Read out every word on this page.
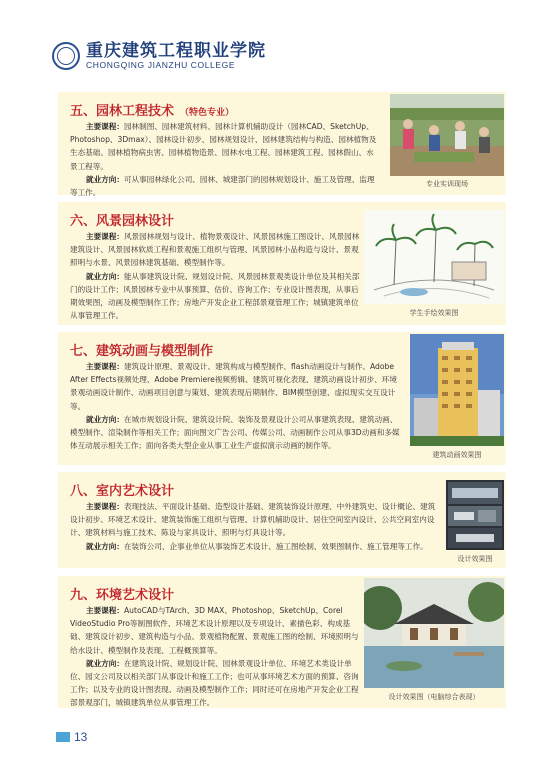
重庆建筑工程职业学院
CHONGQING JIANZHU COLLEGE
五、园林工程技术 （特色专业）

主要课程：园林制图、园林建筑材料、园林计算机辅助设计（园林CAD、SketchUp、Photoshop、3Dmax）、园林设计初步、园林规划设计、园林建筑结构与构造、园林植物及生态基础、园林植物病虫害、园林植物造景、园林水电工程、园林建筑工程、园林假山、水景工程等。

就业方向：可从事园林绿化公司、园林、城建部门的园林规划设计、施工及管理、监理等工作。

专业实训现场
六、风景园林设计

主要课程：风景园林规划与设计、植物景观设计、风景园林施工图设计、风景园林建筑设计、风景园林软质工程和景观施工组织与管理、风景园林小品构造与设计、景观照明与水景、风景园林建筑基础、模型制作等。

就业方向：能从事建筑设计院、规划设计院、风景园林景观类设计单位及其相关部门的设计工作；风景园林专业中从事预算、估价、咨询工作；专业设计图表现，从事后期效果图，动画及模型制作工作；房地产开发企业工程部景观管理工作；城镇建筑单位从事管理工作。	学生手绘效果图
七、建筑动画与模型制作

主要课程：建筑设计原理、景观设计、建筑构成与模型制作、flash动画设计与制作、Adobe After Effects视频处理、Adobe Premiere视频剪辑、建筑可视化表现、建筑动画设计初步、环境景观动画设计制作、动画项目创意与策划、建筑表现后期制作、BIM模型创建、虚拟现实交互设计等。

就业方向：在城市规划设计院、建筑设计院、装饰及景观设计公司从事建筑表现、建筑动画、模型制作、渲染制作等相关工作；面向图文广告公司、传媒公司、动画制作公司从事3D动画和多媒体互动展示相关工作；面向各类大型企业从事工业生产虚拟演示动画的制作等。

建筑动画效果图
八、室内艺术设计

主要课程：表现技法、平面设计基础、造型设计基础、建筑装饰设计原理、中外建筑史、设计概论、建筑设计初步、环境艺术设计、建筑装饰施工组织与管理、计算机辅助设计、居住空间室内设计、公共空间室内设计、建筑材料与施工技术、陈设与家具设计、照明与灯具设计等。

就业方向：在装饰公司、企事业单位从事装饰艺术设计、施工图绘制、效果图制作、施工管理等工作。

设计效果图
九、环境艺术设计

主要课程：AutoCAD与TArch、3D MAX、Photoshop、SketchUp、Corel VideoStudio Pro等制图软件、环境艺术设计原理以及专项设计、素描色彩、构成基础、建筑设计初步、建筑构造与小品、景观植物配置、景观施工图的绘制、环境照明与给水设计、模型制作及表现、工程概预算等。

就业方向：在建筑设计院、规划设计院、园林景观设计单位、环境艺术类设计单位、园文公司及以相关部门从事设计和施工工作；也可从事环境艺术方面的预算、咨询工作；以及专业的设计图表现、动画及模型制作工作；同时还可在房地产开发企业工程部景观部门，城镇建筑单位从事管理工作。

设计效果图（电脑综合表现）
13
